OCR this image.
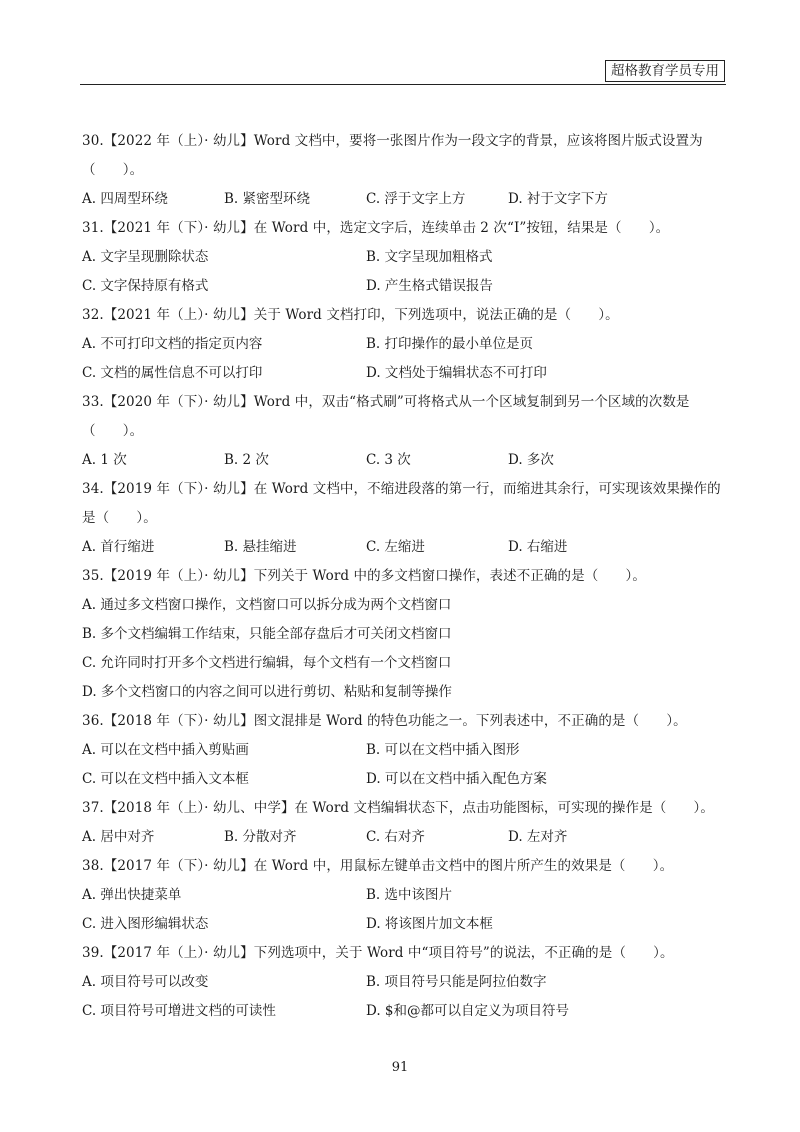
超格教育学员专用
30.【2022 年（上）· 幼儿】Word 文档中，要将一张图片作为一段文字的背景，应该将图片版式设置为（　　）。
A. 四周型环绕	B. 紧密型环绕	C. 浮于文字上方	D. 衬于文字下方
31.【2021 年（下）· 幼儿】在 Word 中，选定文字后，连续单击 2 次“I”按钮，结果是（　　）。
A. 文字呈现删除状态	B. 文字呈现加粗格式
C. 文字保持原有格式	D. 产生格式错误报告
32.【2021 年（上）· 幼儿】关于 Word 文档打印，下列选项中，说法正确的是（　　）。
A. 不可打印文档的指定页内容	B. 打印操作的最小单位是页
C. 文档的属性信息不可以打印	D. 文档处于编辑状态不可打印
33.【2020 年（下）· 幼儿】Word 中，双击“格式刷”可将格式从一个区域复制到另一个区域的次数是（　　）。
A. 1 次	B. 2 次	C. 3 次	D. 多次
34.【2019 年（下）· 幼儿】在 Word 文档中，不缩进段落的第一行，而缩进其余行，可实现该效果操作的是（　　）。
A. 首行缩进	B. 悬挂缩进	C. 左缩进	D. 右缩进
35.【2019 年（上）· 幼儿】下列关于 Word 中的多文档窗口操作，表述不正确的是（　　）。
A. 通过多文档窗口操作，文档窗口可以拆分成为两个文档窗口
B. 多个文档编辑工作结束，只能全部存盘后才可关闭文档窗口
C. 允许同时打开多个文档进行编辑，每个文档有一个文档窗口
D. 多个文档窗口的内容之间可以进行剪切、粘贴和复制等操作
36.【2018 年（下）· 幼儿】图文混排是 Word 的特色功能之一。下列表述中，不正确的是（　　）。
A. 可以在文档中插入剪贴画	B. 可以在文档中插入图形
C. 可以在文档中插入文本框	D. 可以在文档中插入配色方案
37.【2018 年（上）· 幼儿、中学】在 Word 文档编辑状态下，点击功能图标，可实现的操作是（　　）。
A. 居中对齐	B. 分散对齐	C. 右对齐	D. 左对齐
38.【2017 年（下）· 幼儿】在 Word 中，用鼠标左键单击文档中的图片所产生的效果是（　　）。
A. 弹出快捷菜单	B. 选中该图片
C. 进入图形编辑状态	D. 将该图片加文本框
39.【2017 年（上）· 幼儿】下列选项中，关于 Word 中“项目符号”的说法，不正确的是（　　）。
A. 项目符号可以改变	B. 项目符号只能是阿拉伯数字
C. 项目符号可增进文档的可读性	D. $和@都可以自定义为项目符号
91
